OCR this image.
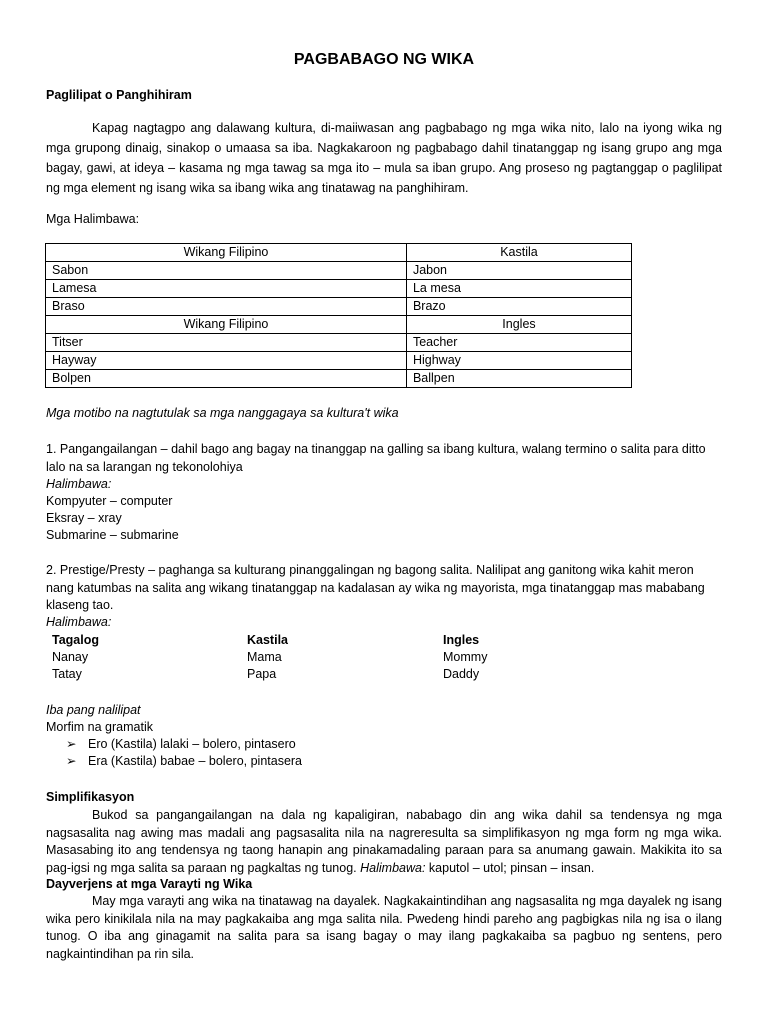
PAGBABAGO NG WIKA
Paglilipat o Panghihiram
Kapag nagtagpo ang dalawang kultura, di-maiiwasan ang pagbabago ng mga wika nito, lalo na iyong wika ng mga grupong dinaig, sinakop o umaasa sa iba. Nagkakaroon ng pagbabago dahil tinatanggap ng isang grupo ang mga bagay, gawi, at ideya – kasama ng mga tawag sa mga ito – mula sa iban grupo. Ang proseso ng pagtanggap o paglilipat ng mga element ng isang wika sa ibang wika ang tinatawag na panghihiram.
Mga Halimbawa:
Wikang Filipino	Kastila
Sabon	Jabon
Lamesa	La mesa
Braso	Brazo
Wikang Filipino	Ingles
Titser	Teacher
Hayway	Highway
Bolpen	Ballpen
Mga motibo na nagtutulak sa mga nanggagaya sa kultura't wika
1. Pangangailangan – dahil bago ang bagay na tinanggap na galling sa ibang kultura, walang termino o salita para ditto lalo na sa larangan ng tekonolohiya
Halimbawa:
Kompyuter – computer
Eksray – xray
Submarine – submarine
2. Prestige/Presty – paghanga sa kulturang pinanggalingan ng bagong salita. Nalilipat ang ganitong wika kahit meron nang katumbas na salita ang wikang tinatanggap na kadalasan ay wika ng mayorista, mga tinatanggap mas mababang klaseng tao.
Halimbawa:
Tagalog	Kastila	Ingles
Nanay	Mama	Mommy
Tatay	Papa	Daddy
Iba pang nalilipat
Morfim na gramatik
➢ Ero (Kastila) lalaki – bolero, pintasero
➢ Era (Kastila) babae – bolero, pintasera
Simplifikasyon
Bukod sa pangangailangan na dala ng kapaligiran, nababago din ang wika dahil sa tendensya ng mga nagsasalita nag awing mas madali ang pagsasalita nila na nagreresulta sa simplifikasyon ng mga form ng mga wika. Masasabing ito ang tendensya ng taong hanapin ang pinakamadaling paraan para sa anumang gawain. Makikita ito sa pag-igsi ng mga salita sa paraan ng pagkaltas ng tunog. Halimbawa: kaputol – utol; pinsan – insan.
Dayverjens at mga Varayti ng Wika
May mga varayti ang wika na tinatawag na dayalek. Nagkakaintindihan ang nagsasalita ng mga dayalek ng isang wika pero kinikilala nila na may pagkakaiba ang mga salita nila. Pwedeng hindi pareho ang pagbigkas nila ng isa o ilang tunog. O iba ang ginagamit na salita para sa isang bagay o may ilang pagkakaiba sa pagbuo ng sentens, pero nagkaintindihan pa rin sila.
